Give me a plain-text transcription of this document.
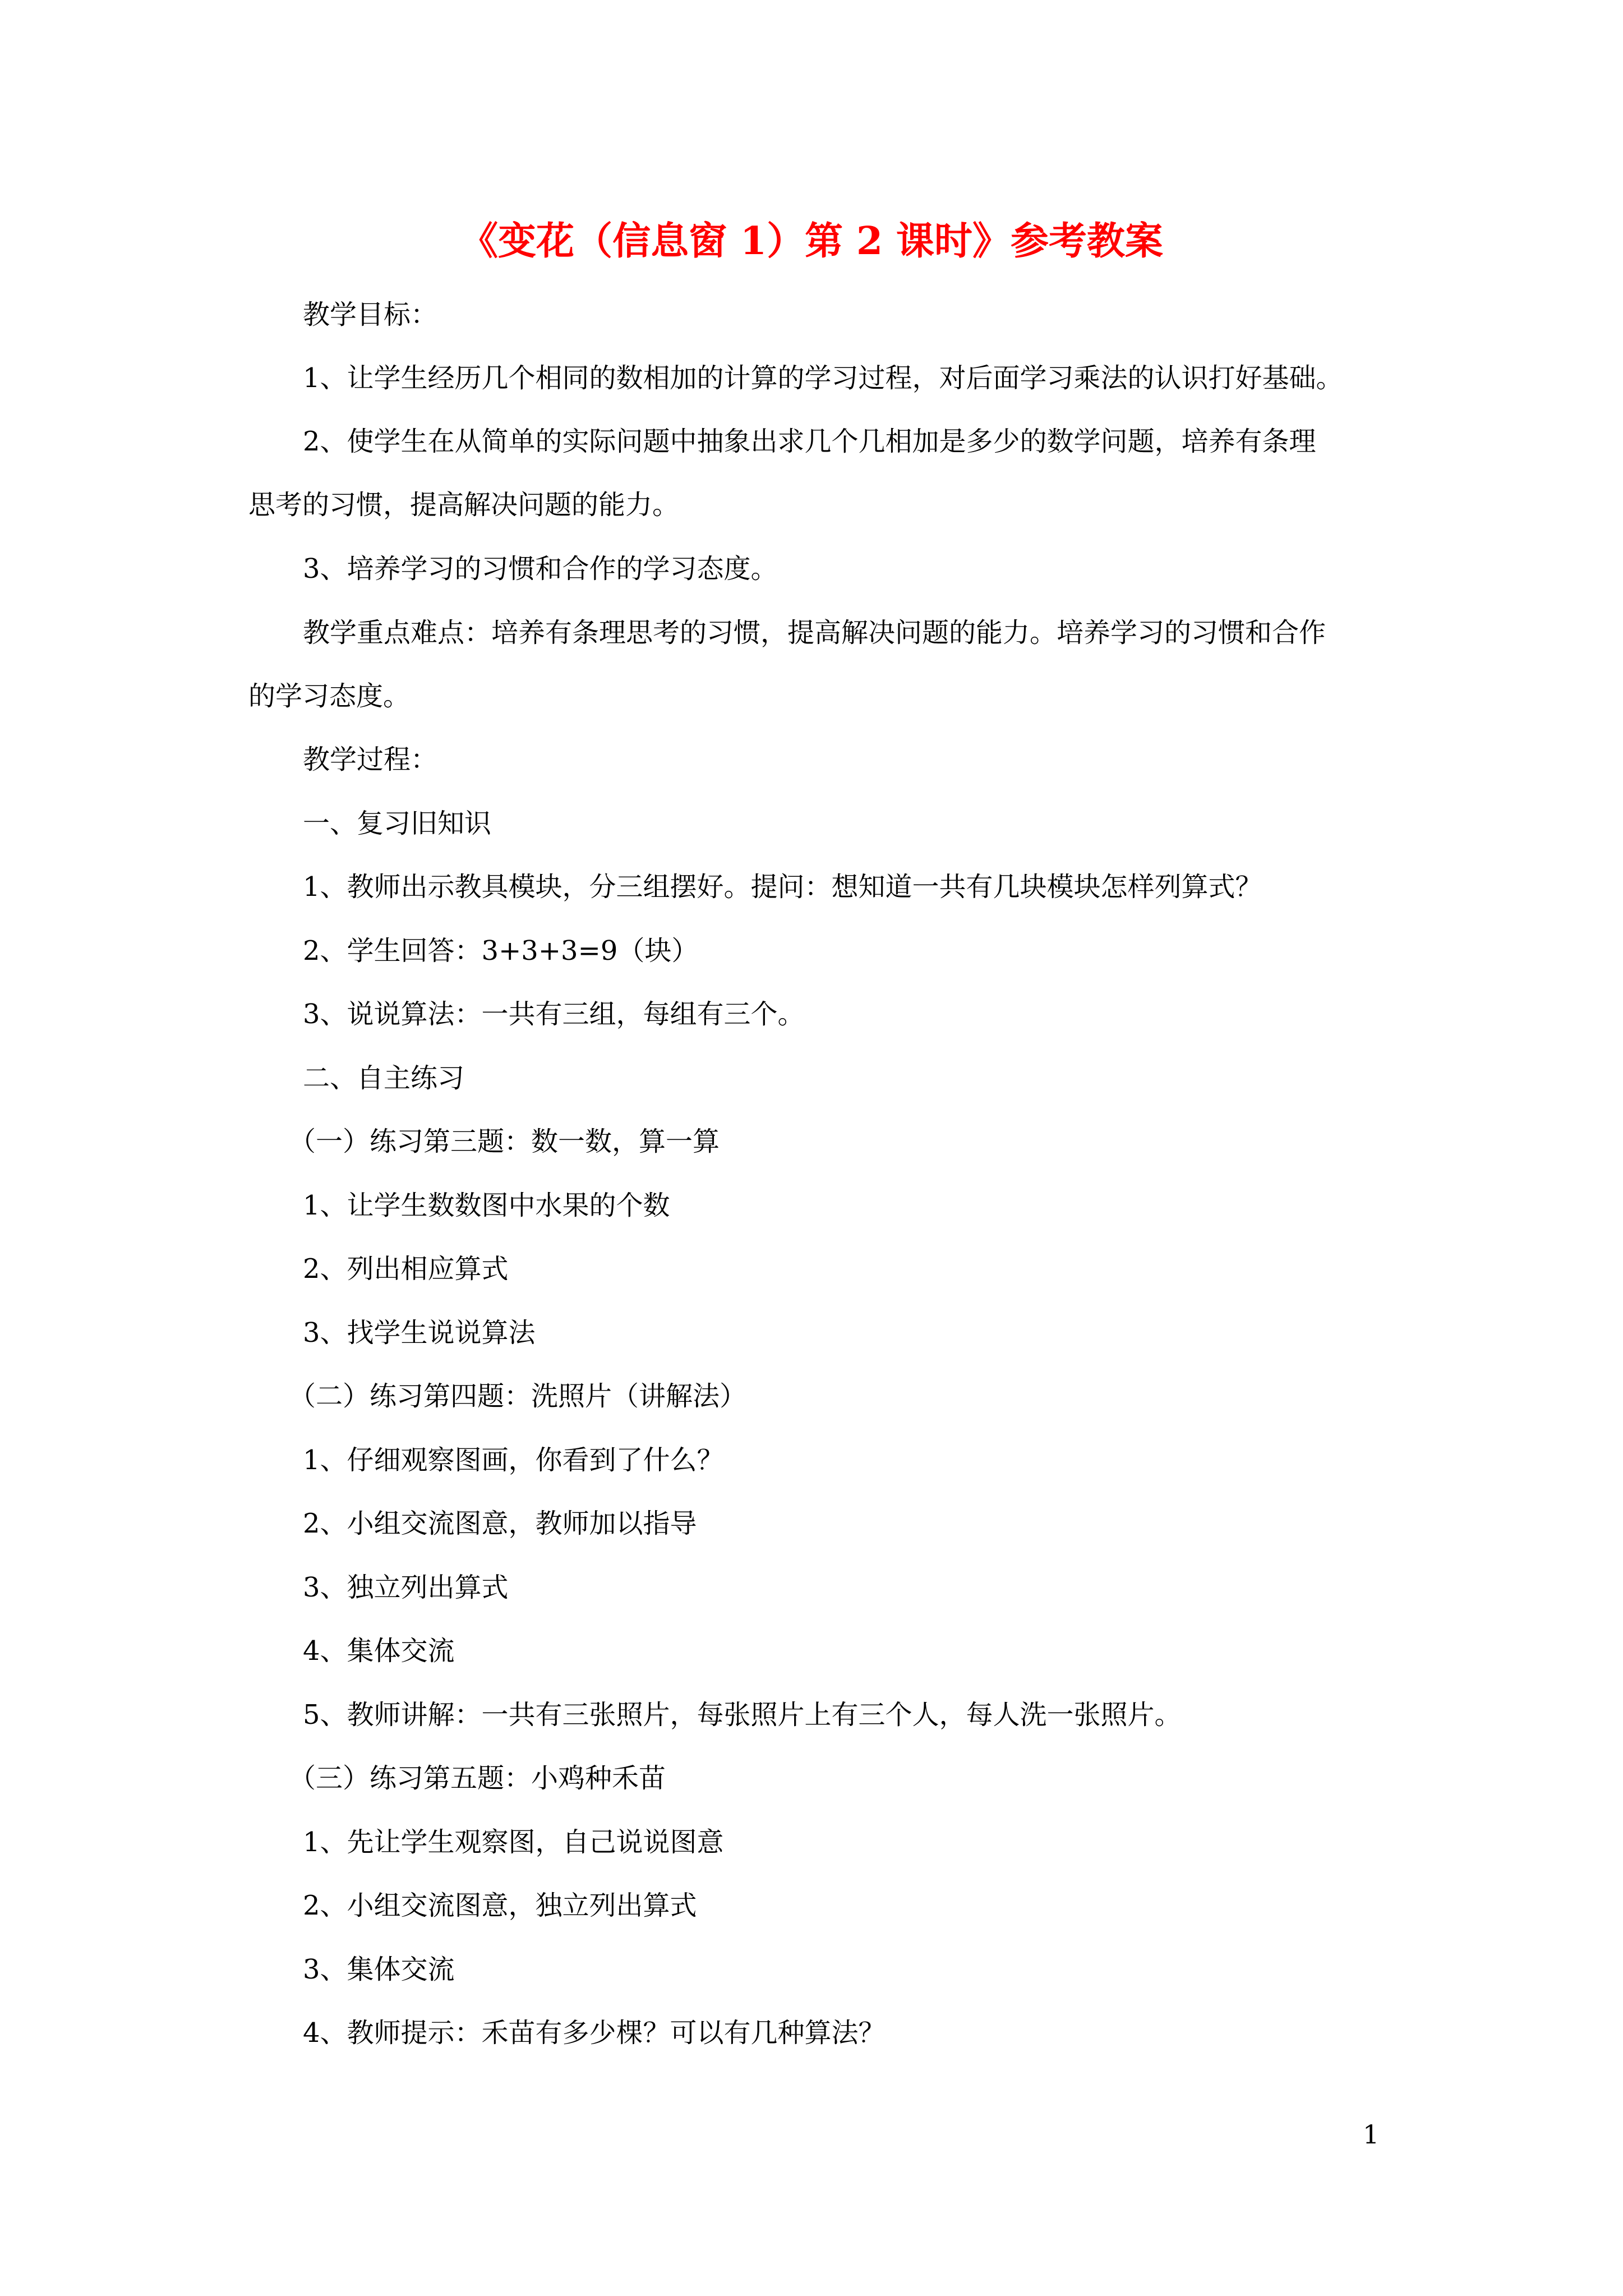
《变花（信息窗 1）第 2 课时》参考教案
教学目标：
1、让学生经历几个相同的数相加的计算的学习过程，对后面学习乘法的认识打好基础。
2、使学生在从简单的实际问题中抽象出求几个几相加是多少的数学问题，培养有条理
思考的习惯，提高解决问题的能力。
3、培养学习的习惯和合作的学习态度。
教学重点难点：培养有条理思考的习惯，提高解决问题的能力。培养学习的习惯和合作
的学习态度。
教学过程：
一、复习旧知识
1、教师出示教具模块，分三组摆好。提问：想知道一共有几块模块怎样列算式？
2、学生回答：3+3+3=9（块）
3、说说算法：一共有三组，每组有三个。
二、自主练习
（一）练习第三题：数一数，算一算
1、让学生数数图中水果的个数
2、列出相应算式
3、找学生说说算法
（二）练习第四题：洗照片（讲解法）
1、仔细观察图画，你看到了什么？
2、小组交流图意，教师加以指导
3、独立列出算式
4、集体交流
5、教师讲解：一共有三张照片，每张照片上有三个人，每人洗一张照片。
（三）练习第五题：小鸡种禾苗
1、先让学生观察图，自己说说图意
2、小组交流图意，独立列出算式
3、集体交流
4、教师提示：禾苗有多少棵？可以有几种算法？
1
